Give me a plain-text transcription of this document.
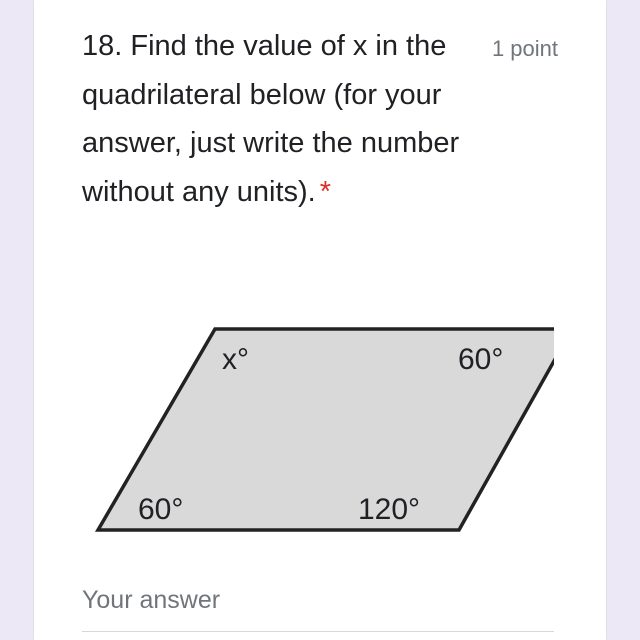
18. Find the value of x in the quadrilateral below (for your answer, just write the number without any units). *
1 point
x°	60°
60°	120°
Your answer
